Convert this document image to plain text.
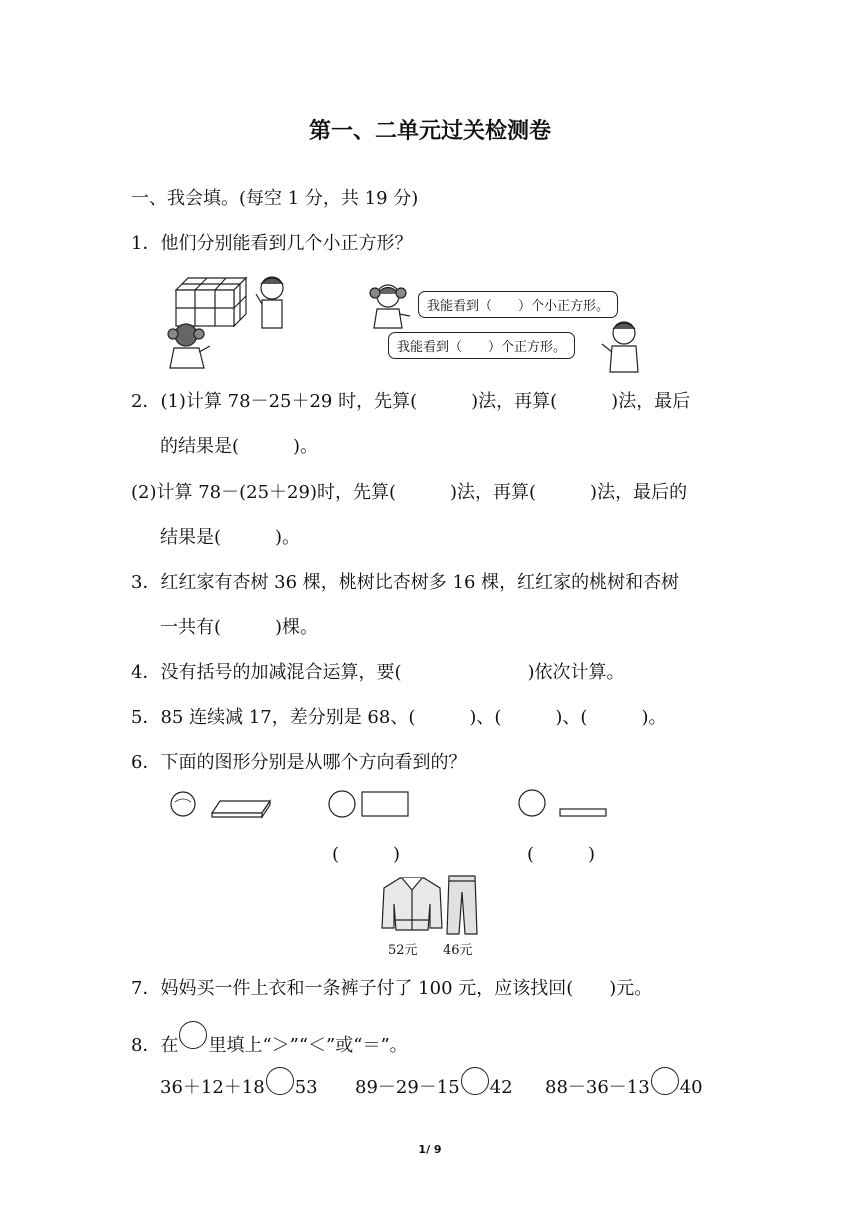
第一、二单元过关检测卷
一、我会填。(每空 1 分，共 19 分)
1．他们分别能看到几个小正方形？
我能看到（　　）个小正方形。
我能看到（　　）个正方形。
2．(1)计算 78－25＋29 时，先算(　　　)法，再算(　　　)法，最后
的结果是(　　　)。
(2)计算 78－(25＋29)时，先算(　　　)法，再算(　　　)法，最后的
结果是(　　　)。
3．红红家有杏树 36 棵，桃树比杏树多 16 棵，红红家的桃树和杏树
一共有(　　　)棵。
4．没有括号的加减混合运算，要(　　　　　　　)依次计算。
5．85 连续减 17，差分别是 68、(　　　)、(　　　)、(　　　)。
6．下面的图形分别是从哪个方向看到的？
(　　　)	(　　　)
52元 46元
7．妈妈买一件上衣和一条裤子付了 100 元，应该找回(　　)元。
8．在 里填上“＞”“＜”或“＝”。
36＋12＋18 53 89－29－15 42 88－36－13 40
1/ 9
